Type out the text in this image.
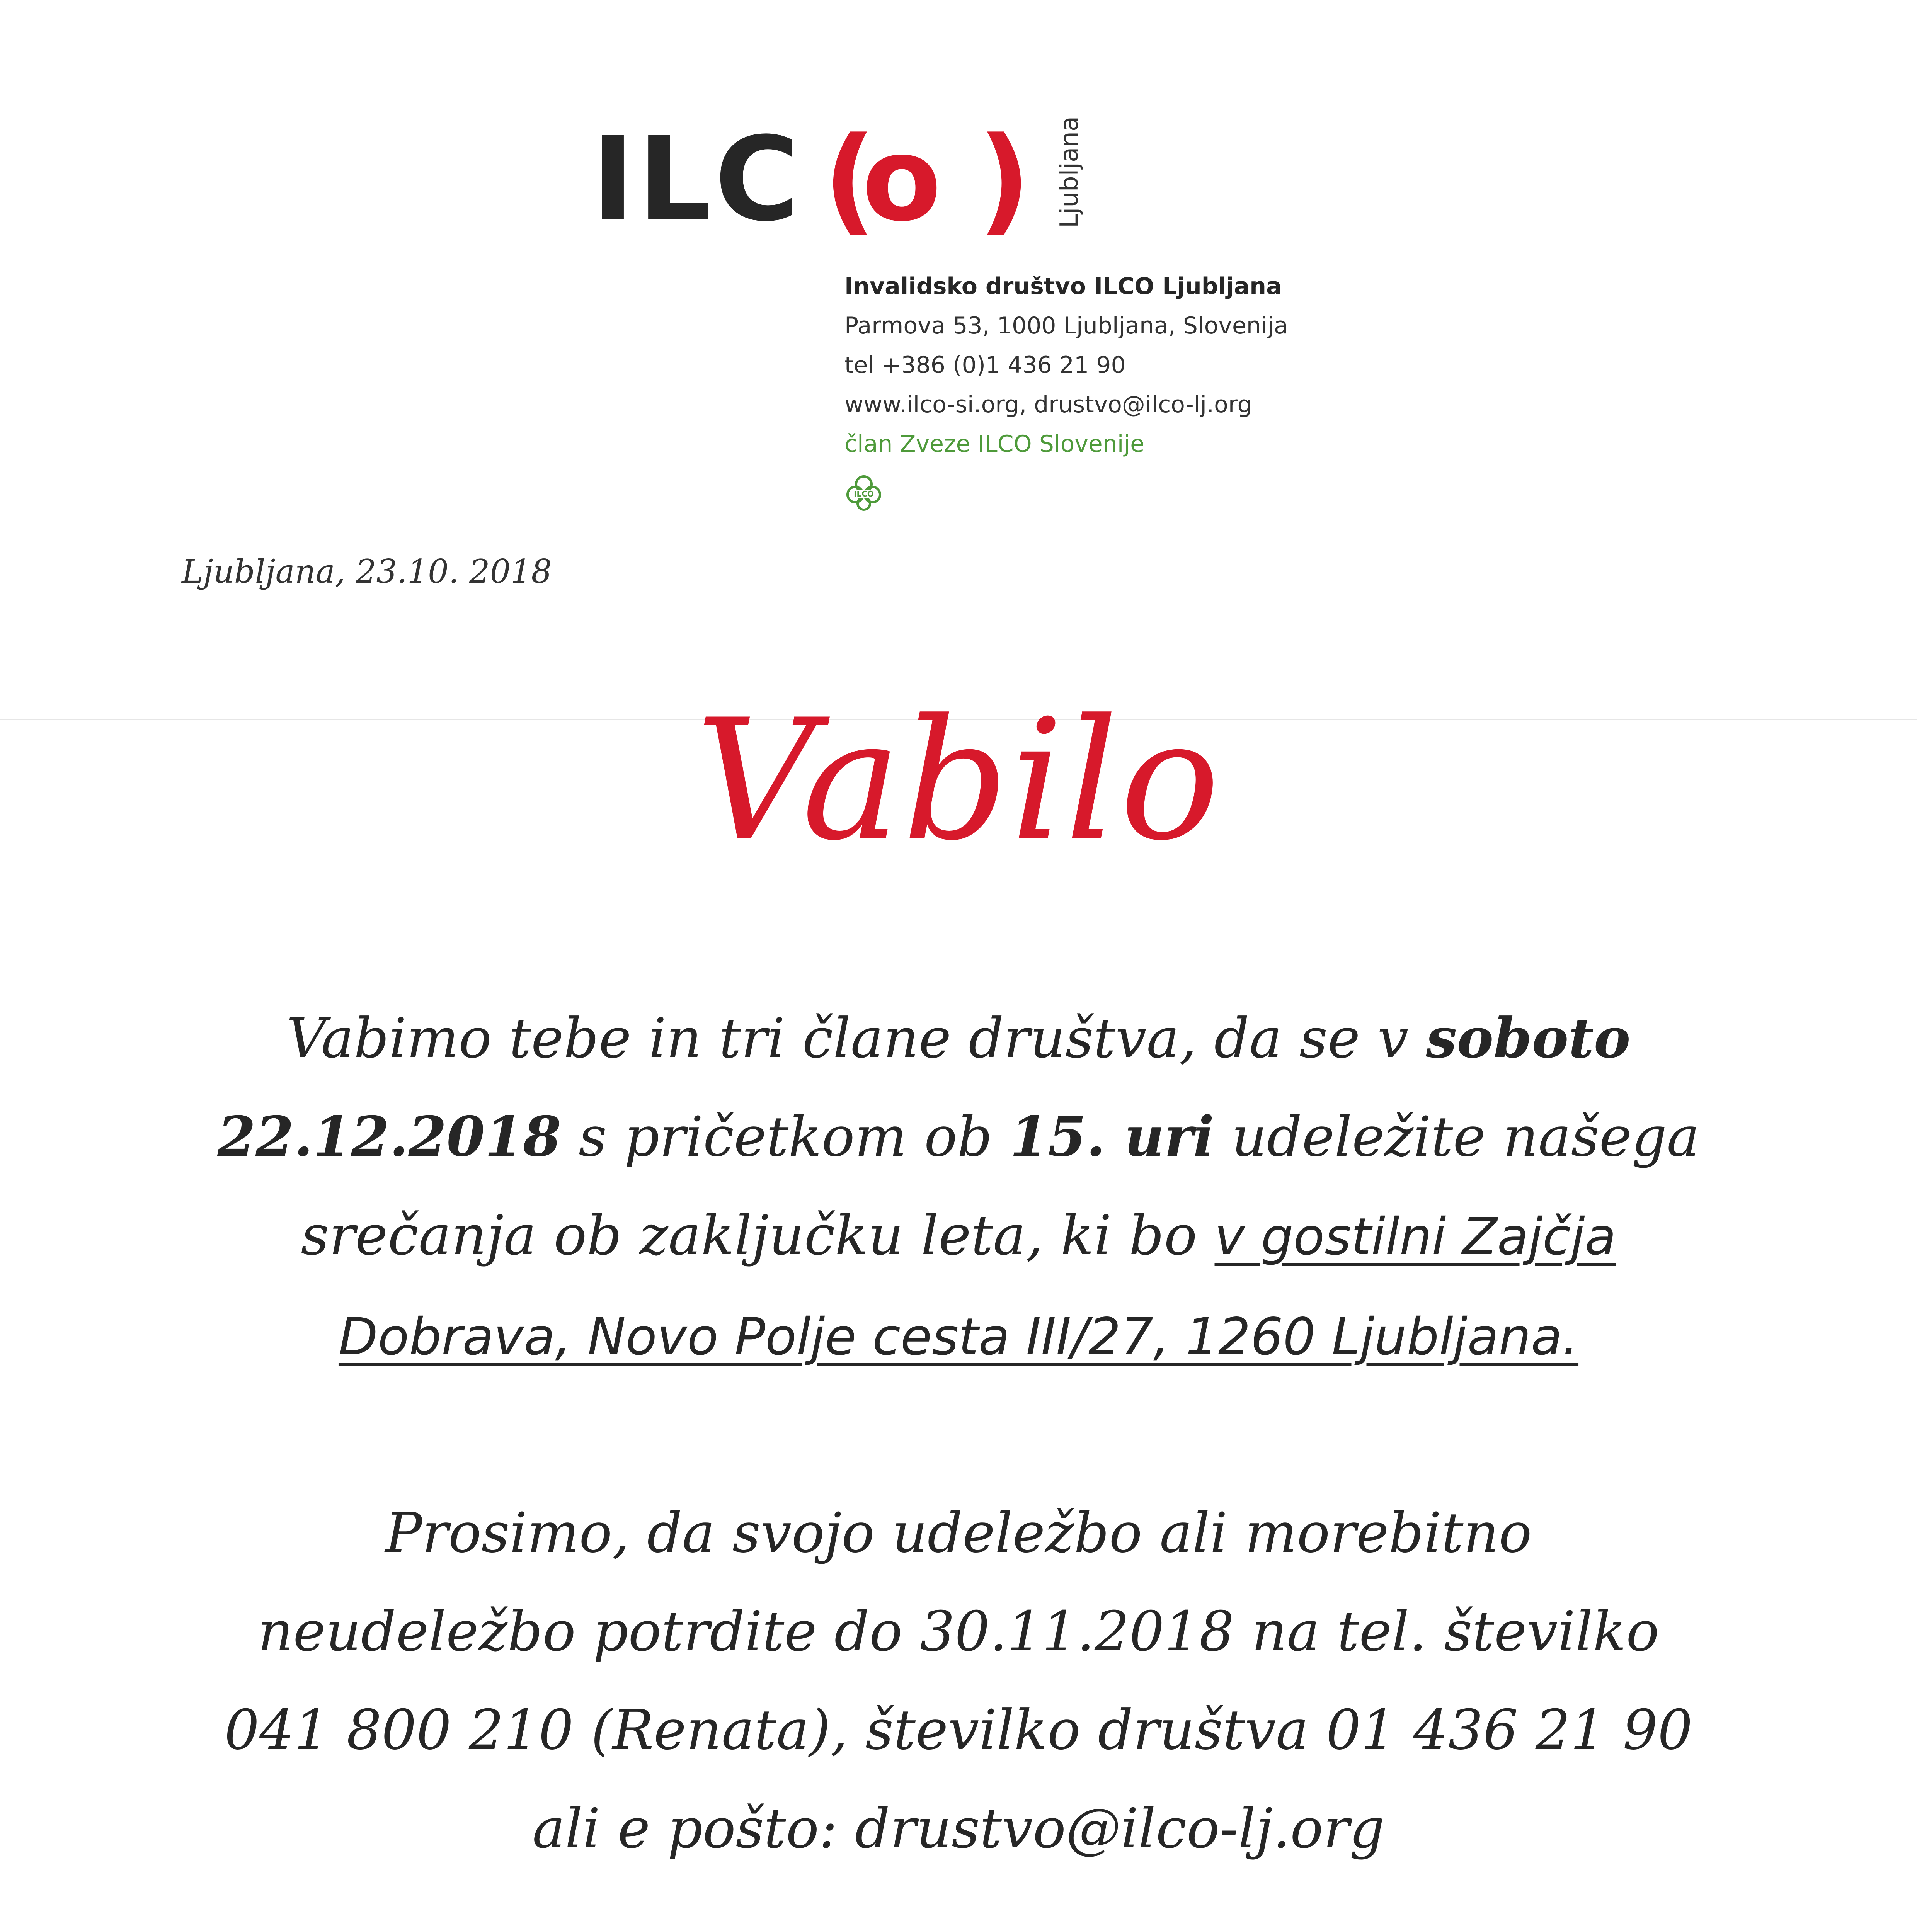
ILC (
o ) Ljubljana
Invalidsko društvo ILCO Ljubljana
Parmova 53, 1000 Ljubljana, Slovenija
tel +386 (0)1 436 21 90
www.ilco-si.org, drustvo@ilco-lj.org
član Zveze ILCO Slovenije
ILCO
Ljubljana, 23.10. 2018
Vabilo
Vabimo tebe in tri člane društva, da se v soboto
22.12.2018 s pričetkom ob 15. uri udeležite našega
srečanja ob zaključku leta, ki bo v gostilni Zajčja
Dobrava, Novo Polje cesta III/27, 1260 Ljubljana.
Prosimo, da svojo udeležbo ali morebitno
neudeležbo potrdite do 30.11.2018 na tel. številko
041 800 210 (Renata), številko društva 01 436 21 90
ali e pošto: drustvo@ilco-lj.org
